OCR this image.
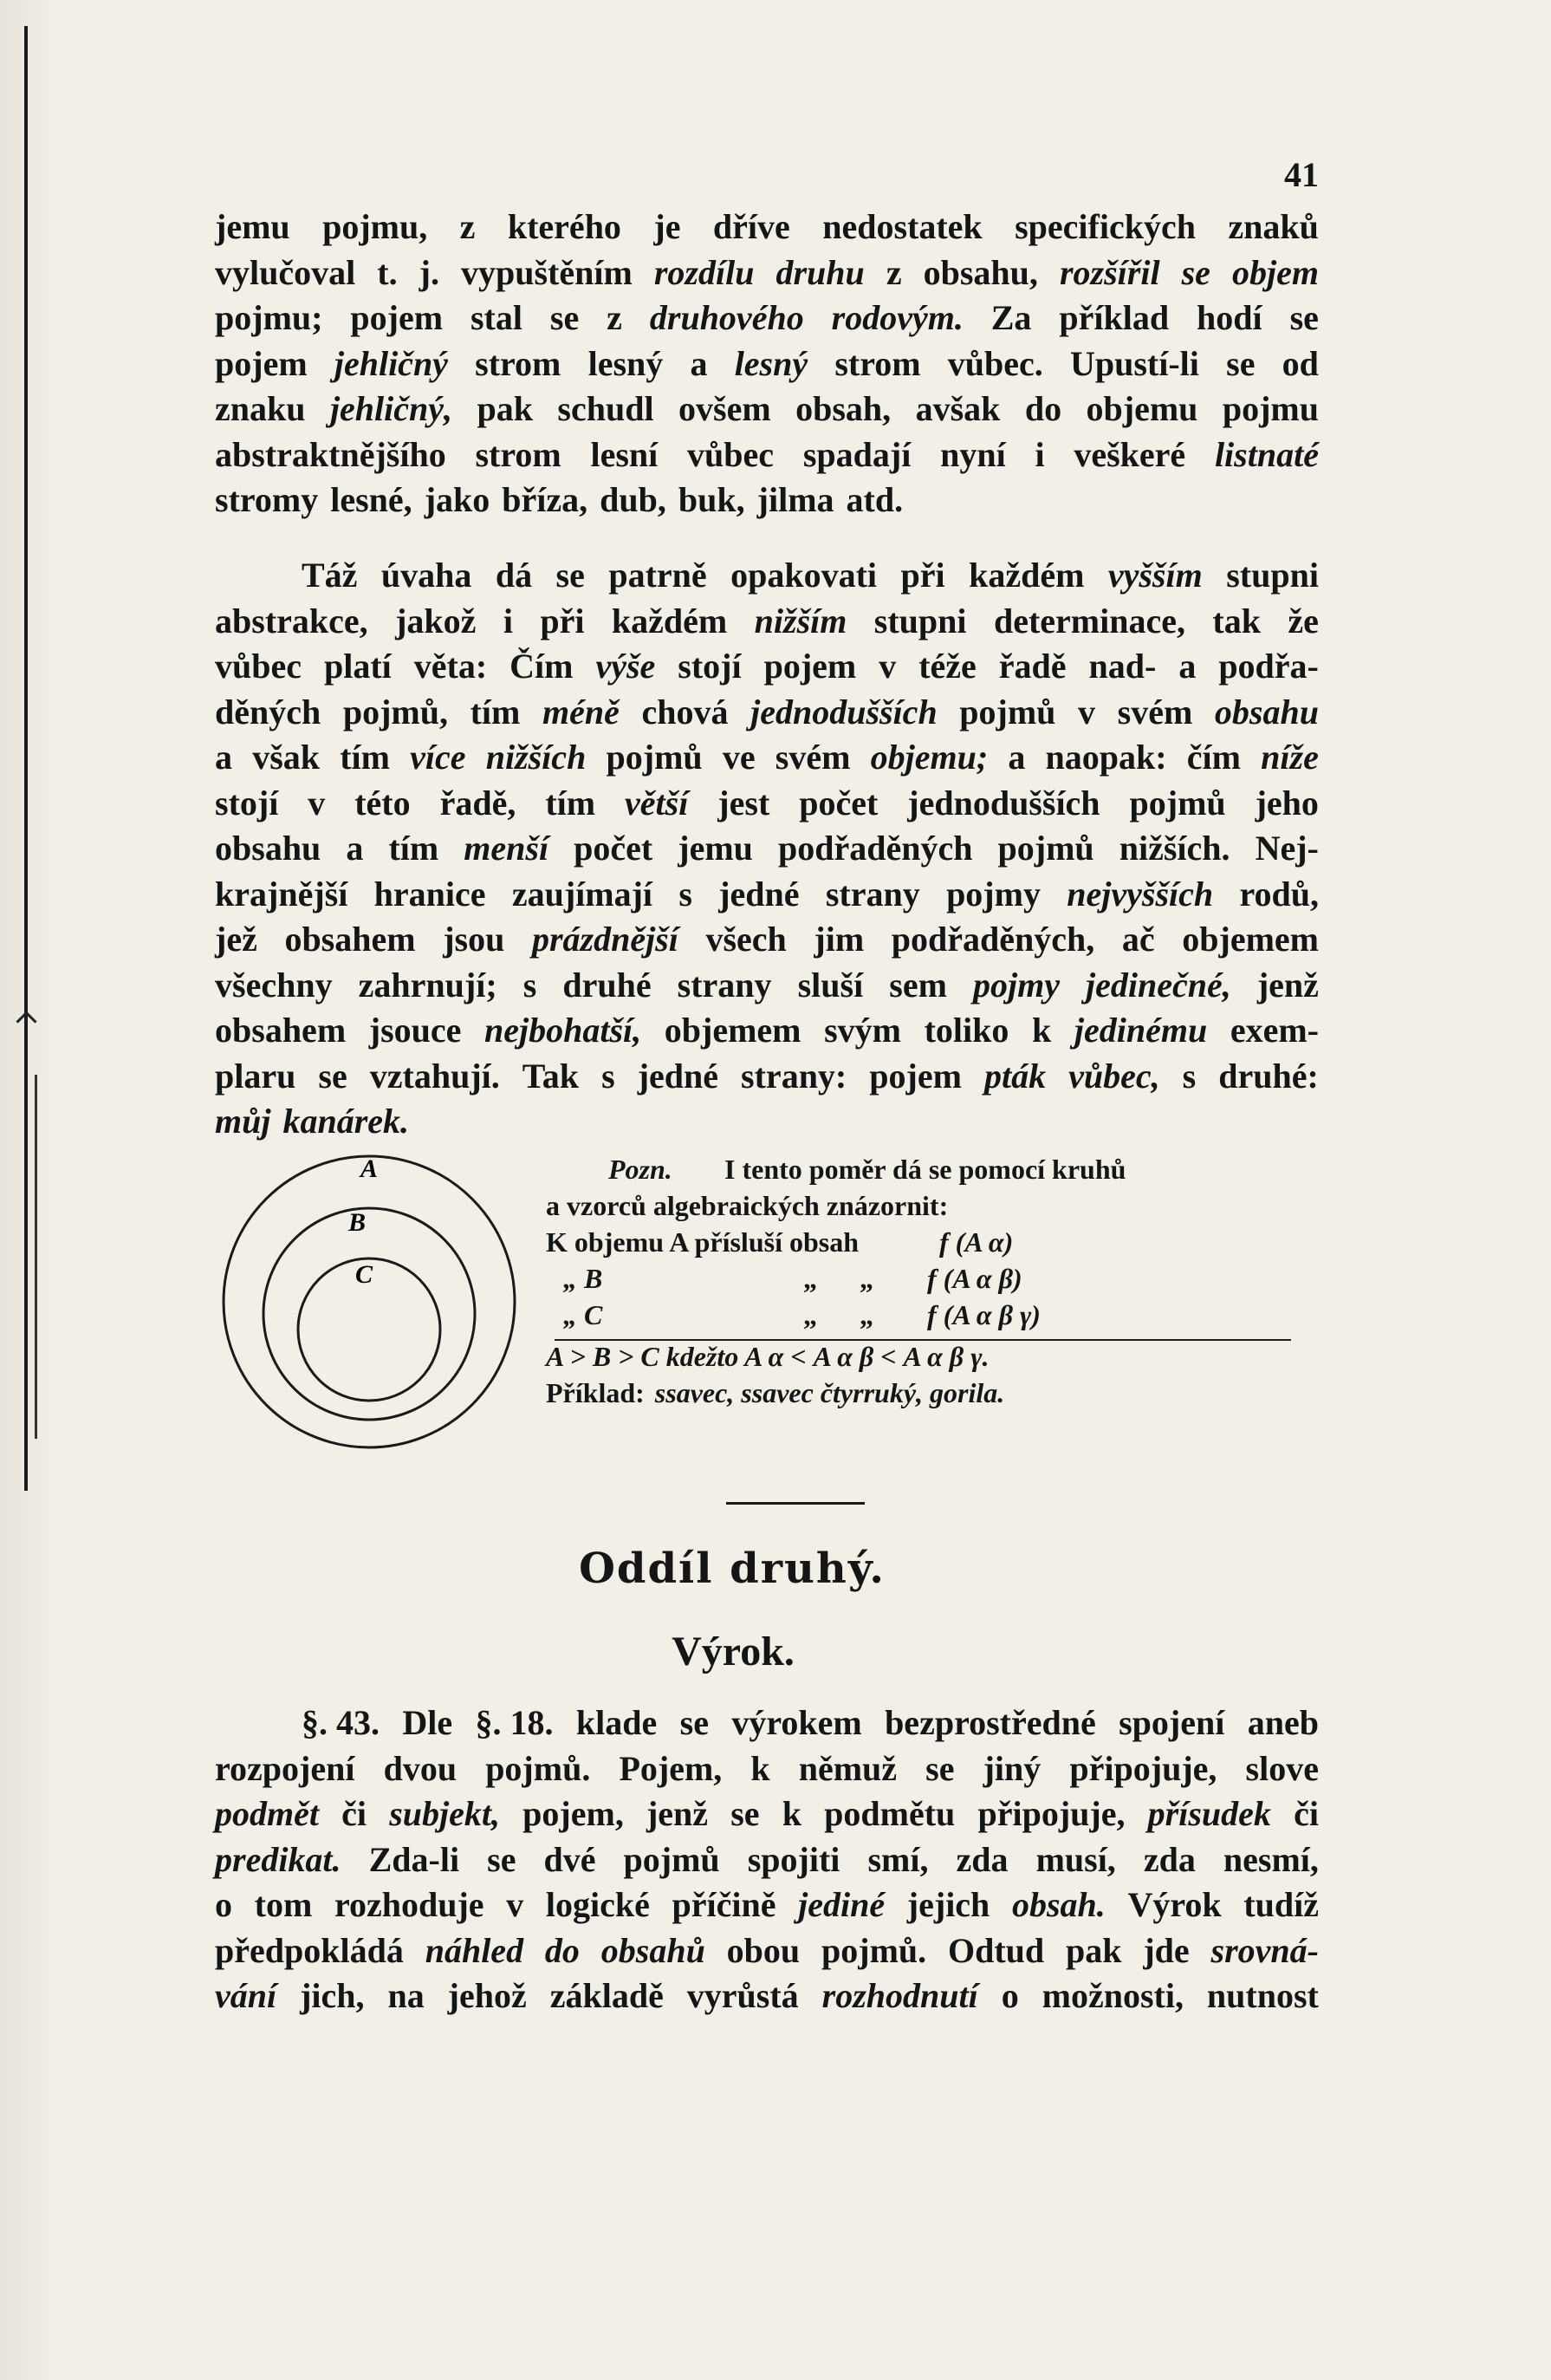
41
jemu pojmu, z kterého je dříve nedostatek specifických znaků
vylučoval t. j. vypuštěním rozdílu druhu z obsahu, rozšířil se objem
pojmu; pojem stal se z druhového rodovým. Za příklad hodí se
pojem jehličný strom lesný a lesný strom vůbec. Upustí-li se od
znaku jehličný, pak schudl ovšem obsah, avšak do objemu pojmu
abstraktnějšího strom lesní vůbec spadají nyní i veškeré listnaté
stromy lesné, jako bříza, dub, buk, jilma atd.
Táž úvaha dá se patrně opakovati při každém vyšším stupni
abstrakce, jakož i při každém nižším stupni determinace, tak že
vůbec platí věta: Čím výše stojí pojem v téže řadě nad- a podřa-
děných pojmů, tím méně chová jednodušších pojmů v svém obsahu
a však tím více nižších pojmů ve svém objemu; a naopak: čím níže
stojí v této řadě, tím větší jest počet jednodušších pojmů jeho
obsahu a tím menší počet jemu podřaděných pojmů nižších. Nej-
krajnější hranice zaujímají s jedné strany pojmy nejvyšších rodů,
jež obsahem jsou prázdnější všech jim podřaděných, ač objemem
všechny zahrnují; s druhé strany sluší sem pojmy jedinečné, jenž
obsahem jsouce nejbohatší, objemem svým toliko k jedinému exem-
plaru se vztahují. Tak s jedné strany: pojem pták vůbec, s druhé:
můj kanárek.
A
B
C
Pozn.	I tento poměr dá se pomocí kruhů
a vzorců algebraických znázornit:
K objemu A přísluší obsah	f (A α)
„ B	„	„	f (A α β)
„ C	„	„	f (A α β γ)
A > B > C kdežto A α < A α β < A α β γ.
Příklad: ssavec, ssavec čtyrruký, gorila.
Oddíl druhý.
Výrok.
§. 43. Dle §. 18. klade se výrokem bezprostředné spojení aneb
rozpojení dvou pojmů. Pojem, k němuž se jiný připojuje, slove
podmět či subjekt, pojem, jenž se k podmětu připojuje, přísudek či
predikat. Zda-li se dvé pojmů spojiti smí, zda musí, zda nesmí,
o tom rozhoduje v logické příčině jediné jejich obsah. Výrok tudíž
předpokládá náhled do obsahů obou pojmů. Odtud pak jde srovná-
vání jich, na jehož základě vyrůstá rozhodnutí o možnosti, nutnost
